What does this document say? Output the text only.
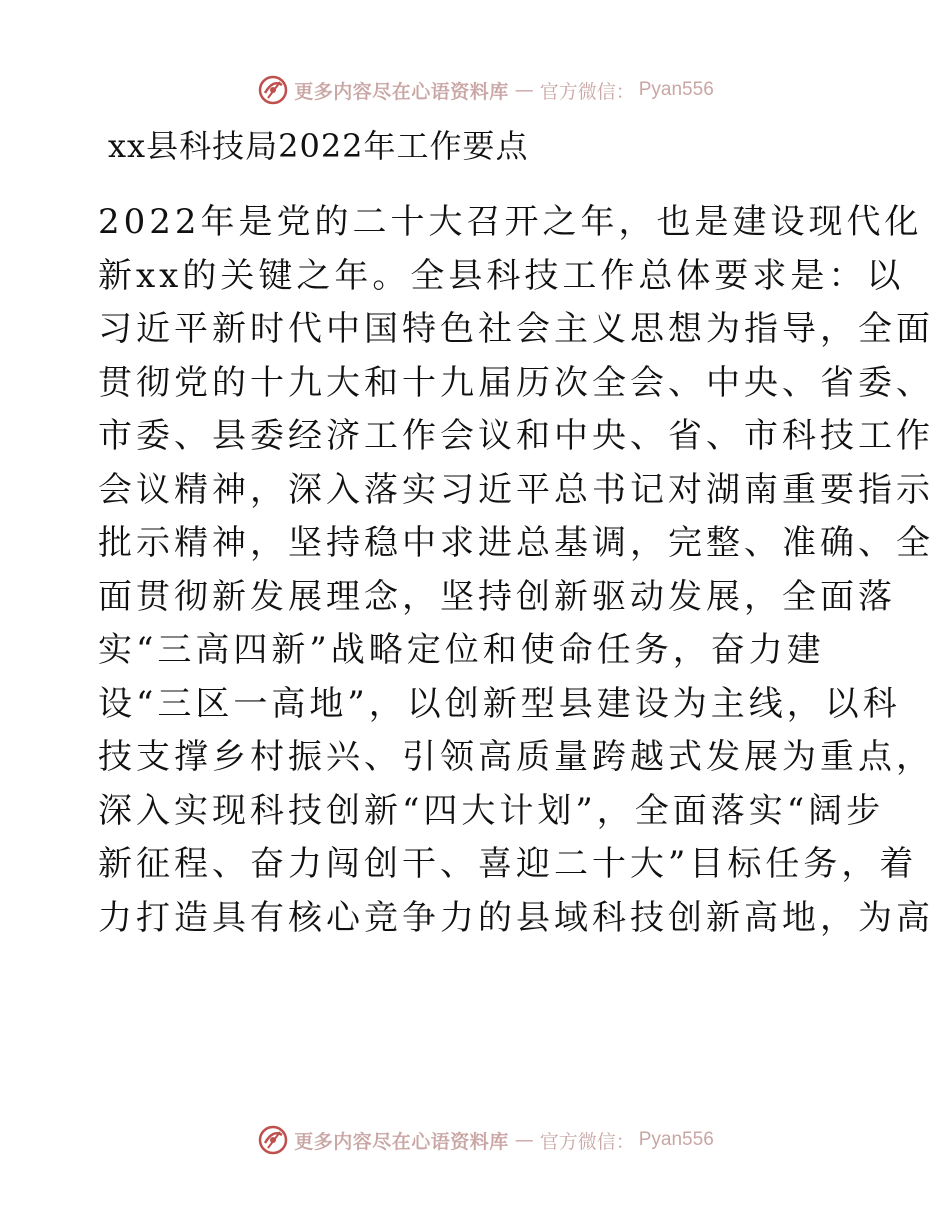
更多内容尽在心语资料库 — 官方微信： Pyan556
xx县科技局2022年工作要点
2022年是党的二十大召开之年，也是建设现代化
新xx的关键之年。全县科技工作总体要求是：以
习近平新时代中国特色社会主义思想为指导，全面
贯彻党的十九大和十九届历次全会、中央、省委、
市委、县委经济工作会议和中央、省、市科技工作
会议精神，深入落实习近平总书记对湖南重要指示
批示精神，坚持稳中求进总基调，完整、准确、全
面贯彻新发展理念，坚持创新驱动发展，全面落
实“三高四新”战略定位和使命任务，奋力建
设“三区一高地”，以创新型县建设为主线，以科
技支撑乡村振兴、引领高质量跨越式发展为重点，
深入实现科技创新“四大计划”，全面落实“阔步
新征程、奋力闯创干、喜迎二十大”目标任务，着
力打造具有核心竞争力的县域科技创新高地，为高
更多内容尽在心语资料库 — 官方微信： Pyan556
